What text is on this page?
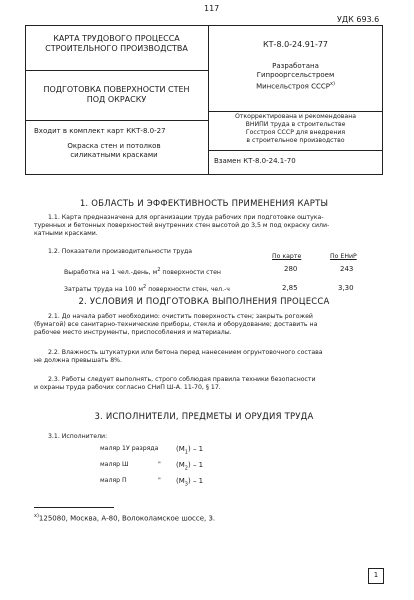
117
УДК 693.6
КАРТА ТРУДОВОГО ПРОЦЕССА
СТРОИТЕЛЬНОГО ПРОИЗВОДСТВА	КТ-8.0-24.91-77
Разработана
Гипрооргсельстроем
Минсельстроя СССР$^{x)}$
ПОДГОТОВКА ПОВЕРХНОСТИ СТЕН
ПОД ОКРАСКУ
Откорректирована и рекомендована
ВНИПИ труда в строительстве
Госстроя СССР для внедрения
в строительное производство
Входит в комплект карт ККТ-8.0-27
Окраска стен и потолков
силикатными красками
Взамен КТ-8.0-24.1-70
1. ОБЛАСТЬ И ЭФФЕКТИВНОСТЬ ПРИМЕНЕНИЯ КАРТЫ
1.1. Карта предназначена для организации труда рабочих при подготовке оштука-
туренных и бетонных поверхностей внутренних стен высотой до 3,5 м под окраску сили-
катными красками.
1.2. Показатели производительности труда
По карте	По ЕНиР
Выработка на 1 чел.-день, $м^2$ поверхности стен	280	243
Затраты труда на 100 $м^2$ поверхности стен, чел.-ч	2,85	3,30
2. УСЛОВИЯ И ПОДГОТОВКА ВЫПОЛНЕНИЯ ПРОЦЕССА
2.1. До начала работ необходимо: очистить поверхность стен; закрыть рогожей
(бумагой) все санитарно-технические приборы, стекла и оборудование; доставить на
рабочее место инструменты, приспособления и материалы.
2.2. Влажность штукатурки или бетона перед нанесением огрунтовочного состава
не должна превышать 8%.
2.3. Работы следует выполнять, строго соблюдая правила техники безопасности
и охраны труда рабочих согласно СНиП Ш-А. 11-70, § 17.
3. ИСПОЛНИТЕЛИ, ПРЕДМЕТЫ И ОРУДИЯ ТРУДА
3.1. Исполнители:
маляр 1У разряда	$(М_1) - 1$
маляр Ш	" $(М_2) - 1$
маляр П	" $(М_3) - 1$
$^{x)}$125080, Москва, А-80, Волоколамское шоссе, 3.
1
